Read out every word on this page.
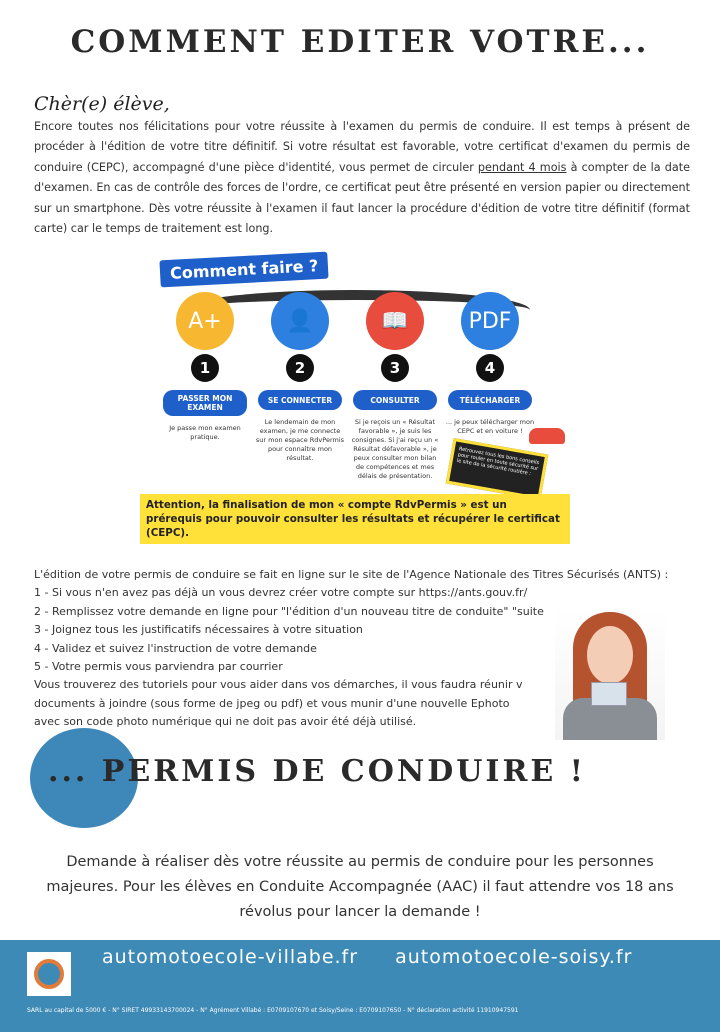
COMMENT EDITER VOTRE...
Chèr(e) élève,

Encore toutes nos félicitations pour votre réussite à l'examen du permis de conduire. Il est temps à présent de procéder à l'édition de votre titre définitif. Si votre résultat est favorable, votre certificat d'examen du permis de conduire (CEPC), accompagné d'une pièce d'identité, vous permet de circuler pendant 4 mois à compter de la date d'examen. En cas de contrôle des forces de l'ordre, ce certificat peut être présenté en version papier ou directement sur un smartphone. Dès votre réussite à l'examen il faut lancer la procédure d'édition de votre titre définitif (format carte) car le temps de traitement est long.

Comment faire ?
A+
1
PASSER MON EXAMEN
Je passe mon examen pratique.
👤
2
SE CONNECTER
Le lendemain de mon examen, je me connecte sur mon espace RdvPermis pour connaître mon résultat.
📖
3
CONSULTER
Si je reçois un « Résultat favorable », je suis les consignes. Si j'ai reçu un « Résultat défavorable », je peux consulter mon bilan de compétences et mes délais de présentation.
PDF
4
TÉLÉCHARGER
... je peux télécharger mon CEPC et en voiture !
Retrouvez tous les bons conseils pour rouler en toute sécurité sur le site de la sécurité routière :
Attention, la finalisation de mon « compte RdvPermis » est un prérequis pour pouvoir consulter les résultats et récupérer le certificat (CEPC).
L'édition de votre permis de conduire se fait en ligne sur le site de l'Agence Nationale des Titres Sécurisés (ANTS) :
1 - Si vous n'en avez pas déjà un vous devrez créer votre compte sur https://ants.gouv.fr/
2 - Remplissez votre demande en ligne pour "l'édition d'un nouveau titre de conduite" "suite
3 - Joignez tous les justificatifs nécessaires à votre situation
4 - Validez et suivez l'instruction de votre demande
5 - Votre permis vous parviendra par courrier
Vous trouverez des tutoriels pour vous aider dans vos démarches, il vous faudra réunir v
documents à joindre (sous forme de jpeg ou pdf) et vous munir d'une nouvelle Ephoto
avec son code photo numérique qui ne doit pas avoir été déjà utilisé.
... PERMIS DE CONDUIRE !
Demande à réaliser dès votre réussite au permis de conduire pour les personnes majeures. Pour les élèves en Conduite Accompagnée (AAC) il faut attendre vos 18 ans révolus pour lancer la demande !
automotoecole-villabe.fr automotoecole-soisy.fr
SARL au capital de 5000 € - N° SIRET 49933143700024 - N° Agrément Villabé : E0709107670 et Soisy/Seine : E0709107650 - N° déclaration activité 11910947591
